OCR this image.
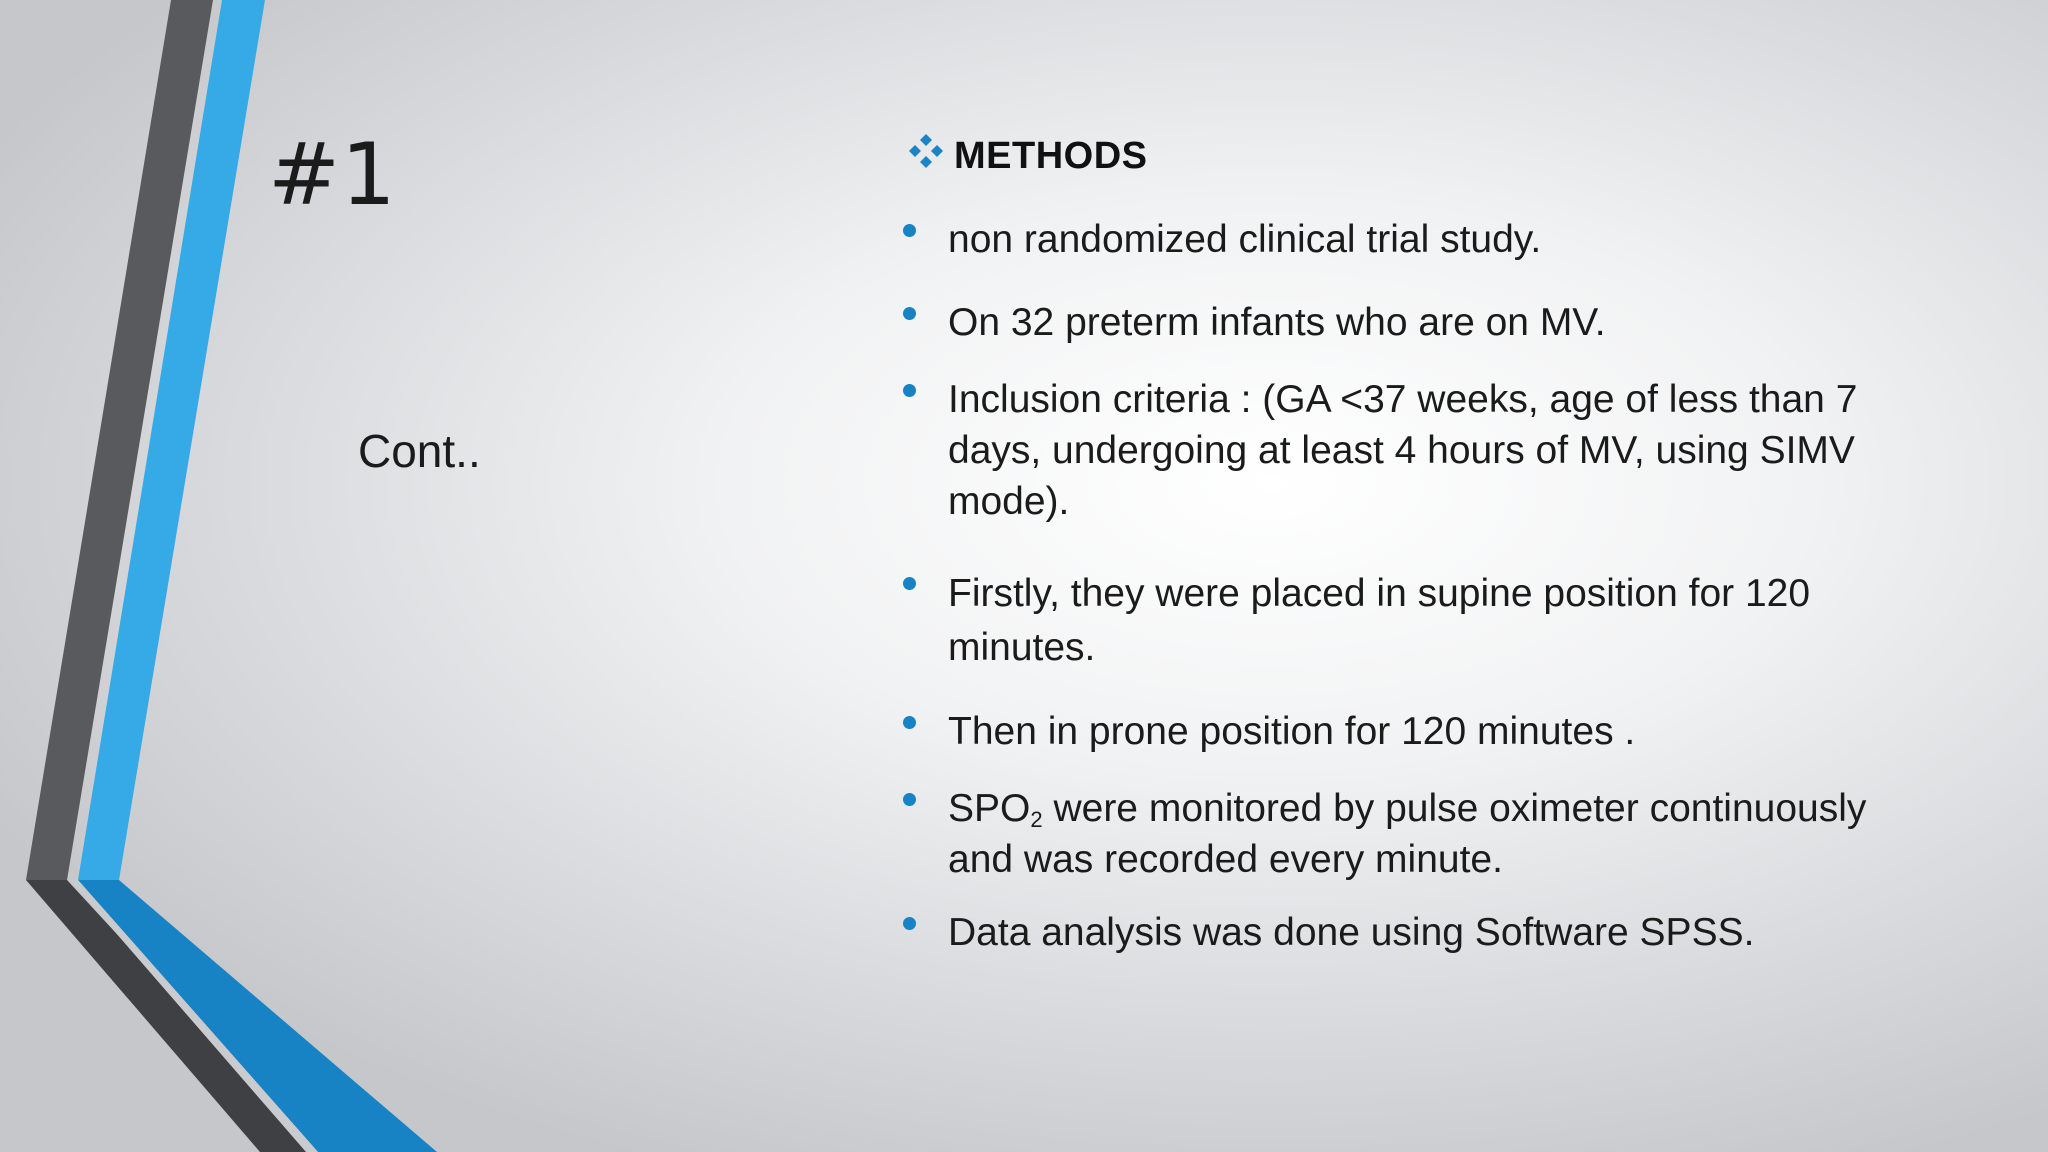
#1
Cont..
METHODS
non randomized clinical trial study.
On 32 preterm infants who are on MV.
Inclusion criteria : (GA <37 weeks, age of less than 7 days, undergoing at least 4 hours of MV, using SIMV mode).
Firstly, they were placed in supine position for 120 minutes.
Then in prone position for 120 minutes .
$SPO_2$ were monitored by pulse oximeter continuously and was recorded every minute.
Data analysis was done using Software SPSS.
